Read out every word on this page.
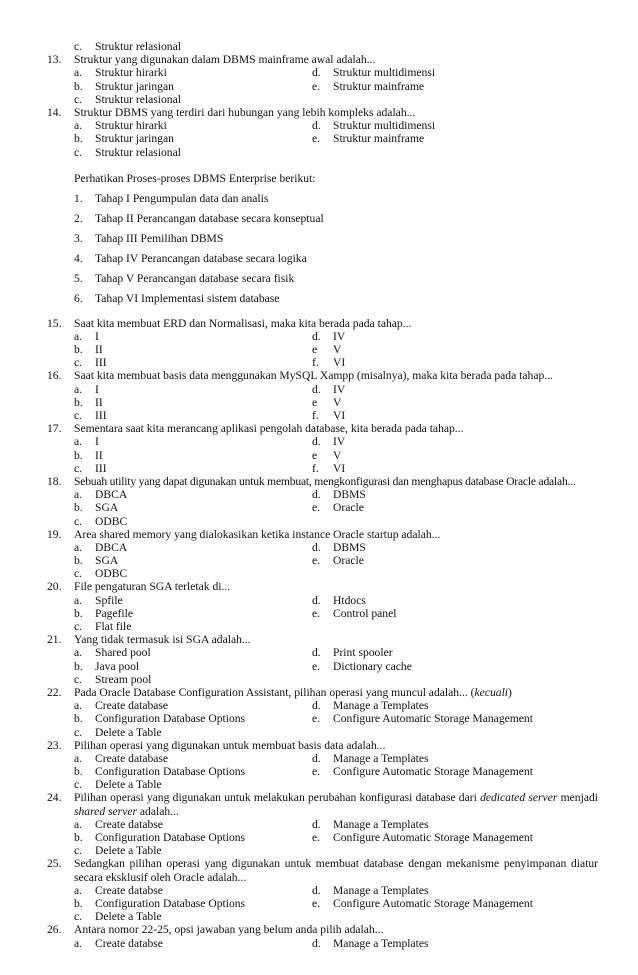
c. Struktur relasional
13. Struktur yang digunakan dalam DBMS mainframe awal adalah...
a. Struktur hirarki	d. Struktur multidimensi
b. Struktur jaringan	e. Struktur mainframe
c. Struktur relasional
14. Struktur DBMS yang terdiri dari hubungan yang lebih kompleks adalah...
a. Struktur hirarki	d. Struktur multidimensi
b. Struktur jaringan	e. Struktur mainframe
c. Struktur relasional
Perhatikan Proses-proses DBMS Enterprise berikut:
1. Tahap I Pengumpulan data dan analis
2. Tahap II Perancangan database secara konseptual
3. Tahap III Pemilihan DBMS
4. Tahap IV Perancangan database secara logika
5. Tahap V Perancangan database secara fisik
6. Tahap VI Implementasi sistem database
15. Saat kita membuat ERD dan Normalisasi, maka kita berada pada tahap...
a. I	d. IV
b. II	e V
c. III	f. VI
16. Saat kita membuat basis data menggunakan MySQL Xampp (misalnya), maka kita berada pada tahap...
a. I	d. IV
b. II	e V
c. III	f. VI
17. Sementara saat kita merancang aplikasi pengolah database, kita berada pada tahap...
a. I	d. IV
b. II	e V
c. III	f. VI
18. Sebuah utility yang dapat digunakan untuk membuat, mengkonfigurasi dan menghapus database Oracle adalah...
a. DBCA	d. DBMS
b. SGA	e. Oracle
c. ODBC
19. Area shared memory yang dialokasikan ketika instance Oracle startup adalah...
a. DBCA	d. DBMS
b. SGA	e. Oracle
c. ODBC
20. File pengaturan SGA terletak di...
a. Spfile	d. Htdocs
b. Pagefile	e. Control panel
c. Flat file
21. Yang tidak termasuk isi SGA adalah...
a. Shared pool	d. Print spooler
b. Java pool	e. Dictionary cache
c. Stream pool
22. Pada Oracle Database Configuration Assistant, pilihan operasi yang muncul adalah... (kecuali)
a. Create database	d. Manage a Templates
b. Configuration Database Options	e. Configure Automatic Storage Management
c. Delete a Table
23. Pilihan operasi yang digunakan untuk membuat basis data adalah...
a. Create database	d. Manage a Templates
b. Configuration Database Options	e. Configure Automatic Storage Management
c. Delete a Table
24. Pilihan operasi yang digunakan untuk melakukan perubahan konfigurasi database dari dedicated server menjadi shared server adalah...
a. Create databse	d. Manage a Templates
b. Configuration Database Options	e. Configure Automatic Storage Management
c. Delete a Table
25. Sedangkan pilihan operasi yang digunakan untuk membuat database dengan mekanisme penyimpanan diatur secara eksklusif oleh Oracle adalah...
a. Create databse	d. Manage a Templates
b. Configuration Database Options	e. Configure Automatic Storage Management
c. Delete a Table
26. Antara nomor 22-25, opsi jawaban yang belum anda pilih adalah...
a. Create databse	d. Manage a Templates
